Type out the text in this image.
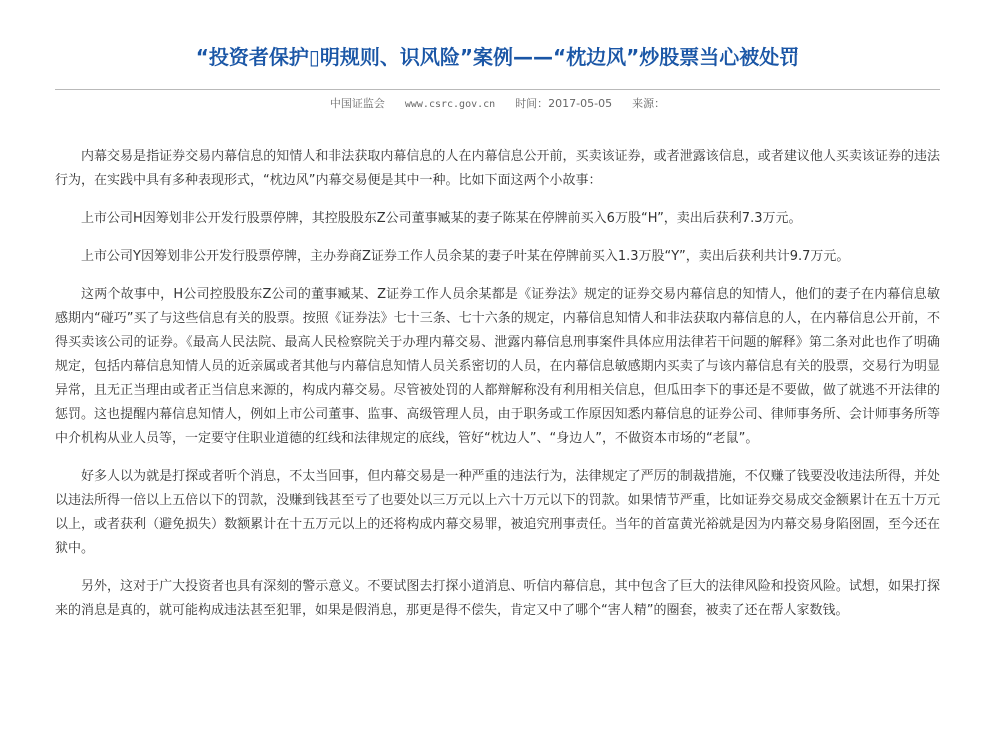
“投资者保护▯明规则、识风险”案例——“枕边风”炒股票当心被处罚
中国证监会 www.csrc.gov.cn 时间：2017-05-05 来源：

内幕交易是指证券交易内幕信息的知情人和非法获取内幕信息的人在内幕信息公开前，买卖该证券，或者泄露该信息，或者建议他人买卖该证券的违法行为，在实践中具有多种表现形式，“枕边风”内幕交易便是其中一种。比如下面这两个小故事：

上市公司H因筹划非公开发行股票停牌，其控股股东Z公司董事臧某的妻子陈某在停牌前买入6万股“H”，卖出后获利7.3万元。

上市公司Y因筹划非公开发行股票停牌，主办券商Z证券工作人员余某的妻子叶某在停牌前买入1.3万股“Y”，卖出后获利共计9.7万元。

这两个故事中，H公司控股股东Z公司的董事臧某、Z证券工作人员余某都是《证券法》规定的证券交易内幕信息的知情人，他们的妻子在内幕信息敏感期内“碰巧”买了与这些信息有关的股票。按照《证券法》七十三条、七十六条的规定，内幕信息知情人和非法获取内幕信息的人，在内幕信息公开前，不得买卖该公司的证券。《最高人民法院、最高人民检察院关于办理内幕交易、泄露内幕信息刑事案件具体应用法律若干问题的解释》第二条对此也作了明确规定，包括内幕信息知情人员的近亲属或者其他与内幕信息知情人员关系密切的人员，在内幕信息敏感期内买卖了与该内幕信息有关的股票，交易行为明显异常，且无正当理由或者正当信息来源的，构成内幕交易。尽管被处罚的人都辩解称没有利用相关信息，但瓜田李下的事还是不要做，做了就逃不开法律的惩罚。这也提醒内幕信息知情人，例如上市公司董事、监事、高级管理人员，由于职务或工作原因知悉内幕信息的证券公司、律师事务所、会计师事务所等中介机构从业人员等，一定要守住职业道德的红线和法律规定的底线，管好“枕边人”、“身边人”，不做资本市场的“老鼠”。

好多人以为就是打探或者听个消息，不太当回事，但内幕交易是一种严重的违法行为，法律规定了严厉的制裁措施，不仅赚了钱要没收违法所得，并处以违法所得一倍以上五倍以下的罚款，没赚到钱甚至亏了也要处以三万元以上六十万元以下的罚款。如果情节严重，比如证券交易成交金额累计在五十万元以上，或者获利（避免损失）数额累计在十五万元以上的还将构成内幕交易罪，被追究刑事责任。当年的首富黄光裕就是因为内幕交易身陷囹圄，至今还在狱中。

另外，这对于广大投资者也具有深刻的警示意义。不要试图去打探小道消息、听信内幕信息，其中包含了巨大的法律风险和投资风险。试想，如果打探来的消息是真的，就可能构成违法甚至犯罪，如果是假消息，那更是得不偿失，肯定又中了哪个“害人精”的圈套，被卖了还在帮人家数钱。
